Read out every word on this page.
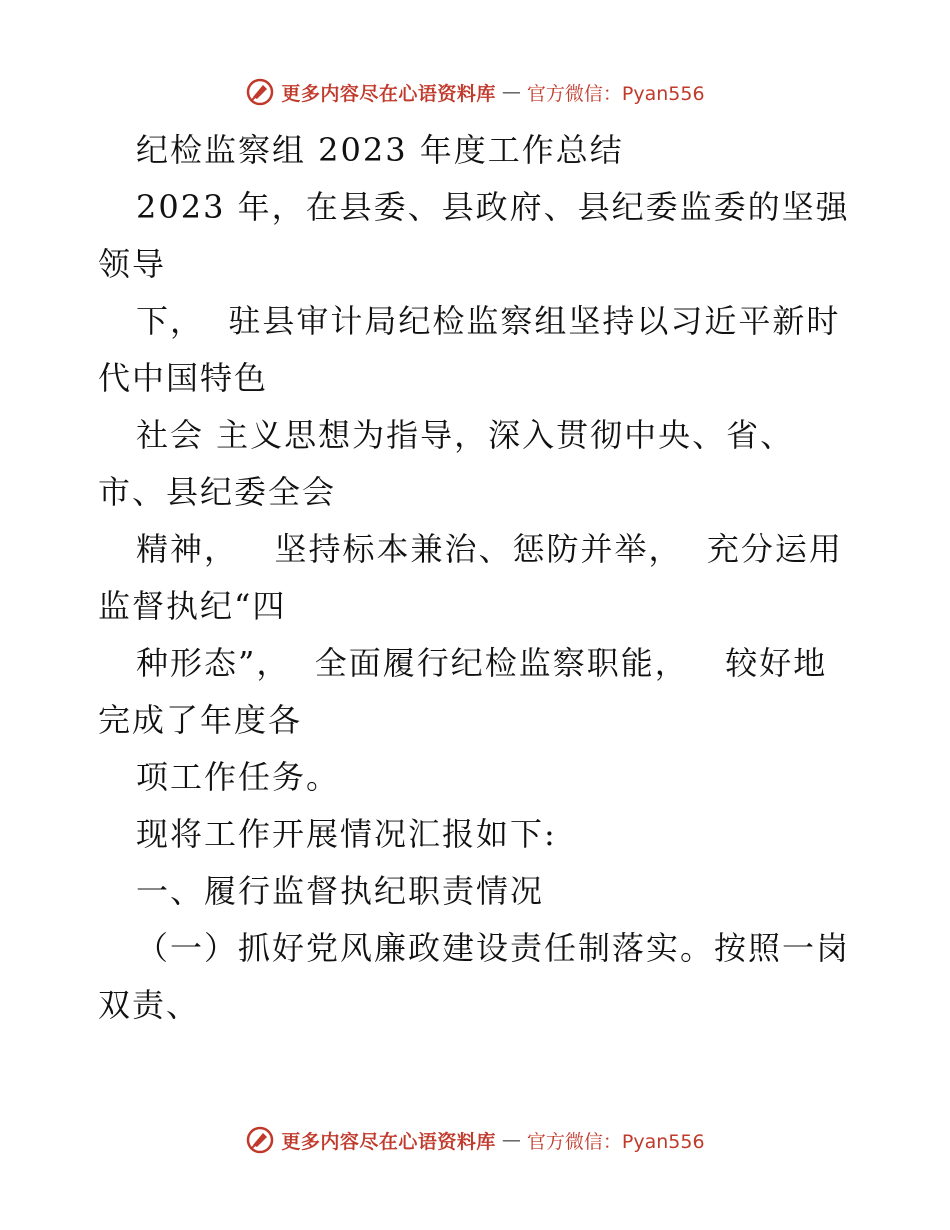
更多内容尽在心语资料库 — 官方微信：Pyan556
纪检监察组 2023 年度工作总结
2023 年，在县委、县政府、县纪委监委的坚强
领导
下，  驻县审计局纪检监察组坚持以习近平新时
代中国特色
社会 主义思想为指导，深入贯彻中央、省、
市、县纪委全会
精神，   坚持标本兼治、惩防并举，  充分运用
监督执纪“四
种形态”，  全面履行纪检监察职能，   较好地
完成了年度各
项工作任务。
现将工作开展情况汇报如下:
一、履行监督执纪职责情况
（一）抓好党风廉政建设责任制落实。按照一岗
双责、
更多内容尽在心语资料库 — 官方微信：Pyan556
